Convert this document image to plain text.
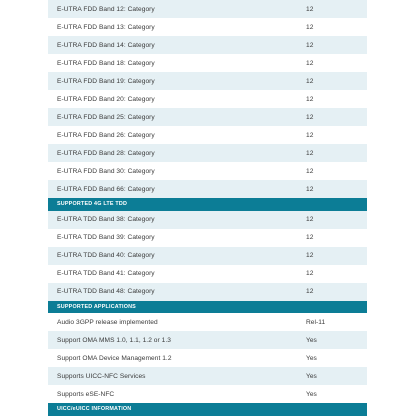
E-UTRA FDD Band 12: Category	12
E-UTRA FDD Band 13: Category	12
E-UTRA FDD Band 14: Category	12
E-UTRA FDD Band 18: Category	12
E-UTRA FDD Band 19: Category	12
E-UTRA FDD Band 20: Category	12
E-UTRA FDD Band 25: Category	12
E-UTRA FDD Band 26: Category	12
E-UTRA FDD Band 28: Category	12
E-UTRA FDD Band 30: Category	12
E-UTRA FDD Band 66: Category	12
SUPPORTED 4G LTE TDD
E-UTRA TDD Band 38: Category	12
E-UTRA TDD Band 39: Category	12
E-UTRA TDD Band 40: Category	12
E-UTRA TDD Band 41: Category	12
E-UTRA TDD Band 48: Category	12
SUPPORTED APPLICATIONS
Audio 3GPP release implemented	Rel-11
Support OMA MMS 1.0, 1.1, 1.2 or 1.3	Yes
Support OMA Device Management 1.2	Yes
Supports UICC-NFC Services	Yes
Supports eSE-NFC	Yes
UICC/eUICC INFORMATION
